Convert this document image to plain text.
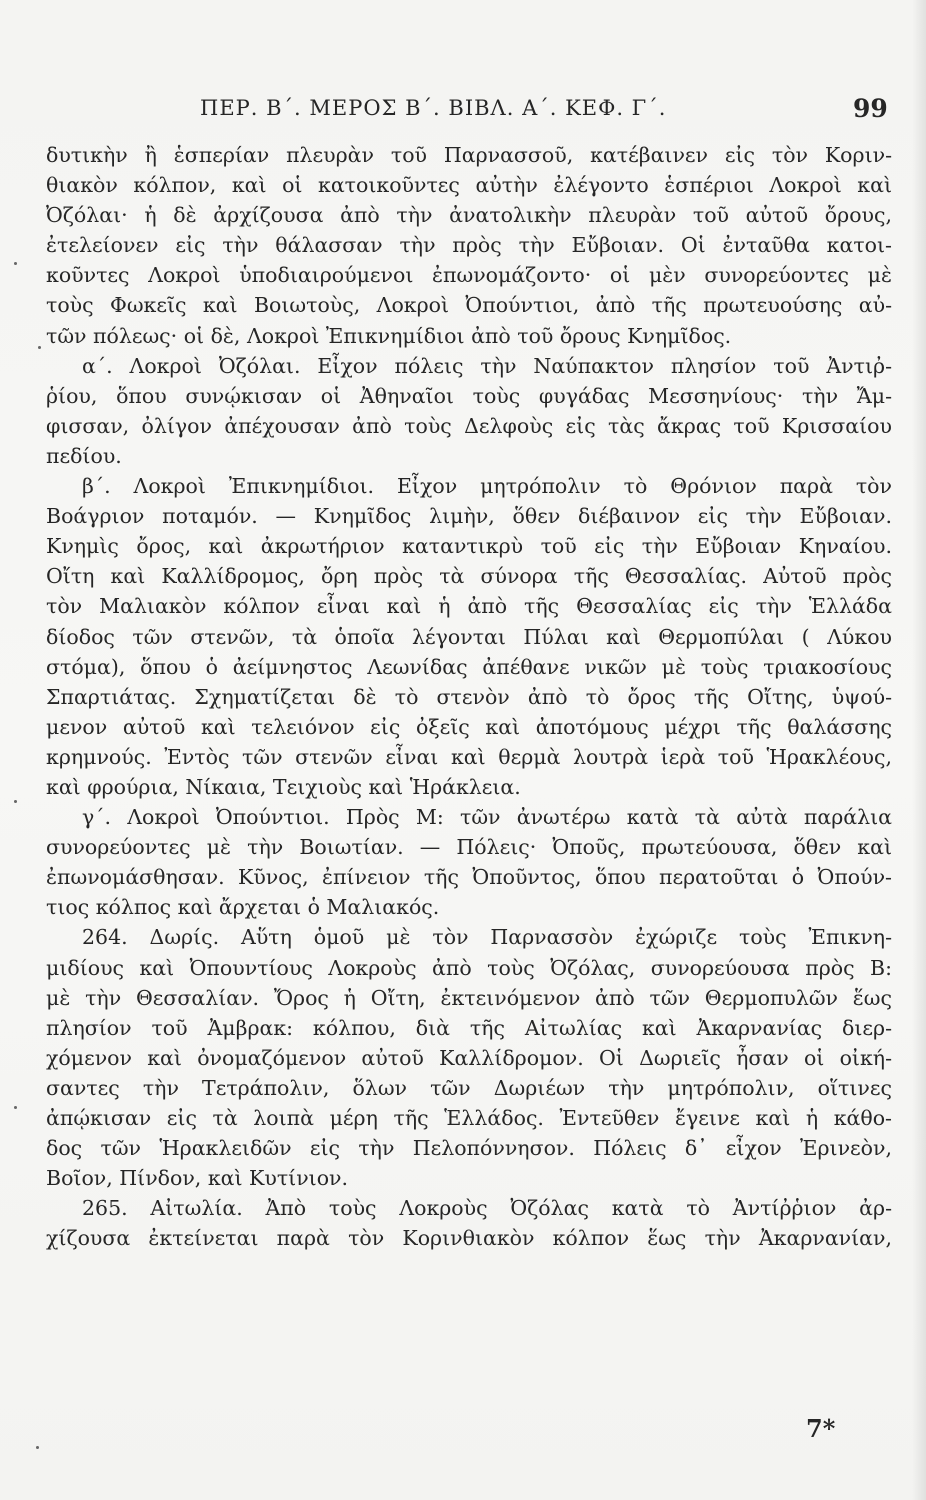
ΠΕΡ. Β΄. ΜΕΡΟΣ Β΄. ΒΙΒΛ. Α΄. ΚΕΦ. Γ΄.	99
δυτικὴν ἢ ἑσπερίαν πλευρὰν τοῦ Παρνασσοῦ, κατέβαινεν εἰς τὸν Κοριν-
θιακὸν κόλπον, καὶ οἱ κατοικοῦντες αὐτὴν ἐλέγοντο ἑσπέριοι Λοκροὶ καὶ
Ὀζόλαι· ἡ δὲ ἀρχίζουσα ἀπὸ τὴν ἀνατολικὴν πλευρὰν τοῦ αὐτοῦ ὄρους,
ἐτελείονεν εἰς τὴν θάλασσαν τὴν πρὸς τὴν Εὔβοιαν. Οἱ ἐνταῦθα κατοι-
κοῦντες Λοκροὶ ὑποδιαιρούμενοι ἐπωνομάζοντο· οἱ μὲν συνορεύοντες μὲ
τοὺς Φωκεῖς καὶ Βοιωτοὺς, Λοκροὶ Ὀπούντιοι, ἀπὸ τῆς πρωτευούσης αὐ-
τῶν πόλεως· οἱ δὲ, Λοκροὶ Ἐπικνημίδιοι ἀπὸ τοῦ ὄρους Κνημῖδος.
α΄. Λοκροὶ Ὀζόλαι. Εἶχον πόλεις τὴν Ναύπακτον πλησίον τοῦ Ἀντιῤ-
ῥίου, ὅπου συνῴκισαν οἱ Ἀθηναῖοι τοὺς φυγάδας Μεσσηνίους· τὴν Ἄμ-
φισσαν, ὀλίγον ἀπέχουσαν ἀπὸ τοὺς Δελφοὺς εἰς τὰς ἄκρας τοῦ Κρισσαίου
πεδίου.
β΄. Λοκροὶ Ἐπικνημίδιοι. Εἶχον μητρόπολιν τὸ Θρόνιον παρὰ τὸν
Βοάγριον ποταμόν. — Κνημῖδος λιμὴν, ὅθεν διέβαινον εἰς τὴν Εὔβοιαν.
Κνημὶς ὄρος, καὶ ἀκρωτήριον καταντικρὺ τοῦ εἰς τὴν Εὔβοιαν Κηναίου.
Οἴτη καὶ Καλλίδρομος, ὄρη πρὸς τὰ σύνορα τῆς Θεσσαλίας. Αὐτοῦ πρὸς
τὸν Μαλιακὸν κόλπον εἶναι καὶ ἡ ἀπὸ τῆς Θεσσαλίας εἰς τὴν Ἑλλάδα
δίοδος τῶν στενῶν, τὰ ὁποῖα λέγονται Πύλαι καὶ Θερμοπύλαι ( Λύκου
στόμα), ὅπου ὁ ἀείμνηστος Λεωνίδας ἀπέθανε νικῶν μὲ τοὺς τριακοσίους
Σπαρτιάτας. Σχηματίζεται δὲ τὸ στενὸν ἀπὸ τὸ ὄρος τῆς Οἴτης, ὑψού-
μενον αὐτοῦ καὶ τελειόνον εἰς ὀξεῖς καὶ ἀποτόμους μέχρι τῆς θαλάσσης
κρημνούς. Ἐντὸς τῶν στενῶν εἶναι καὶ θερμὰ λουτρὰ ἱερὰ τοῦ Ἡρακλέους,
καὶ φρούρια, Νίκαια, Τειχιοὺς καὶ Ἡράκλεια.
γ΄. Λοκροὶ Ὀπούντιοι. Πρὸς Μ: τῶν ἀνωτέρω κατὰ τὰ αὐτὰ παράλια
συνορεύοντες μὲ τὴν Βοιωτίαν. — Πόλεις· Ὀποῦς, πρωτεύουσα, ὅθεν καὶ
ἐπωνομάσθησαν. Κῦνος, ἐπίνειον τῆς Ὀποῦντος, ὅπου περατοῦται ὁ Ὀπούν-
τιος κόλπος καὶ ἄρχεται ὁ Μαλιακός.
264. Δωρίς. Αὕτη ὁμοῦ μὲ τὸν Παρνασσὸν ἐχώριζε τοὺς Ἐπικνη-
μιδίους καὶ Ὀπουντίους Λοκροὺς ἀπὸ τοὺς Ὀζόλας, συνορεύουσα πρὸς Β:
μὲ τὴν Θεσσαλίαν. Ὄρος ἡ Οἴτη, ἐκτεινόμενον ἀπὸ τῶν Θερμοπυλῶν ἕως
πλησίον τοῦ Ἀμβρακ: κόλπου, διὰ τῆς Αἰτωλίας καὶ Ἀκαρνανίας διερ-
χόμενον καὶ ὀνομαζόμενον αὐτοῦ Καλλίδρομον. Οἱ Δωριεῖς ἦσαν οἱ οἰκή-
σαντες τὴν Τετράπολιν, ὅλων τῶν Δωριέων τὴν μητρόπολιν, οἵτινες
ἀπῴκισαν εἰς τὰ λοιπὰ μέρη τῆς Ἑλλάδος. Ἐντεῦθεν ἔγεινε καὶ ἡ κάθο-
δος τῶν Ἡρακλειδῶν εἰς τὴν Πελοπόννησον. Πόλεις δ᾽ εἶχον Ἐρινεὸν,
Βοῖον, Πίνδον, καὶ Κυτίνιον.
265. Αἰτωλία. Ἀπὸ τοὺς Λοκροὺς Ὀζόλας κατὰ τὸ Ἀντίῤῥιον ἀρ-
χίζουσα ἐκτείνεται παρὰ τὸν Κορινθιακὸν κόλπον ἕως τὴν Ἀκαρνανίαν,
7*
